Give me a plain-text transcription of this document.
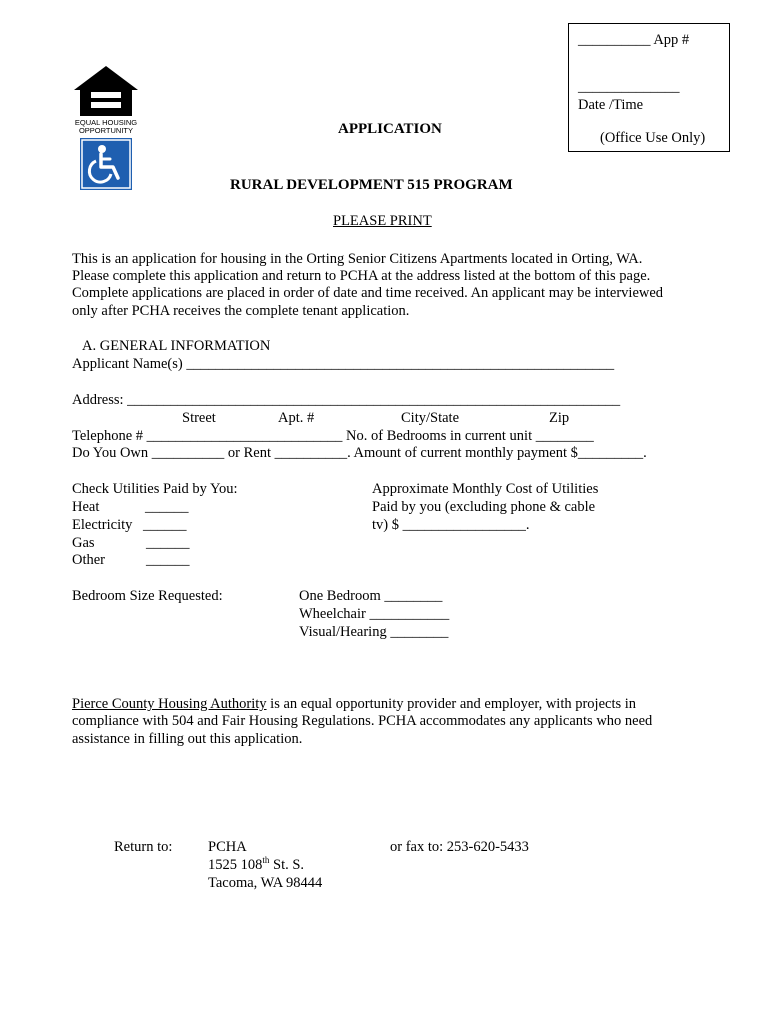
__________ App #
______________
Date /Time
(Office Use Only)
EQUAL HOUSING
OPPORTUNITY	APPLICATION
RURAL DEVELOPMENT 515 PROGRAM
PLEASE PRINT
This is an application for housing in the Orting Senior Citizens Apartments located in Orting, WA.
Please complete this application and return to PCHA at the address listed at the bottom of this page.
Complete applications are placed in order of date and time received. An applicant may be interviewed
only after PCHA receives the complete tenant application.
A. GENERAL INFORMATION
Applicant Name(s) ___________________________________________________________
Address: ____________________________________________________________________
Street	Apt. #	City/State	Zip
Telephone # ___________________________ No. of Bedrooms in current unit ________
Do You Own __________ or Rent __________. Amount of current monthly payment $_________.
Check Utilities Paid by You:
Heat	______
Electricity ______
Gas	______
Other	______
Approximate Monthly Cost of Utilities
Paid by you (excluding phone & cable
tv) $ _________________.
Bedroom Size Requested:	One Bedroom ________
Wheelchair ___________
Visual/Hearing ________
Pierce County Housing Authority is an equal opportunity provider and employer, with projects in
compliance with 504 and Fair Housing Regulations. PCHA accommodates any applicants who need
assistance in filling out this application.
Return to: PCHA
1525 108th St. S.
Tacoma, WA 98444
or fax to: 253-620-5433
